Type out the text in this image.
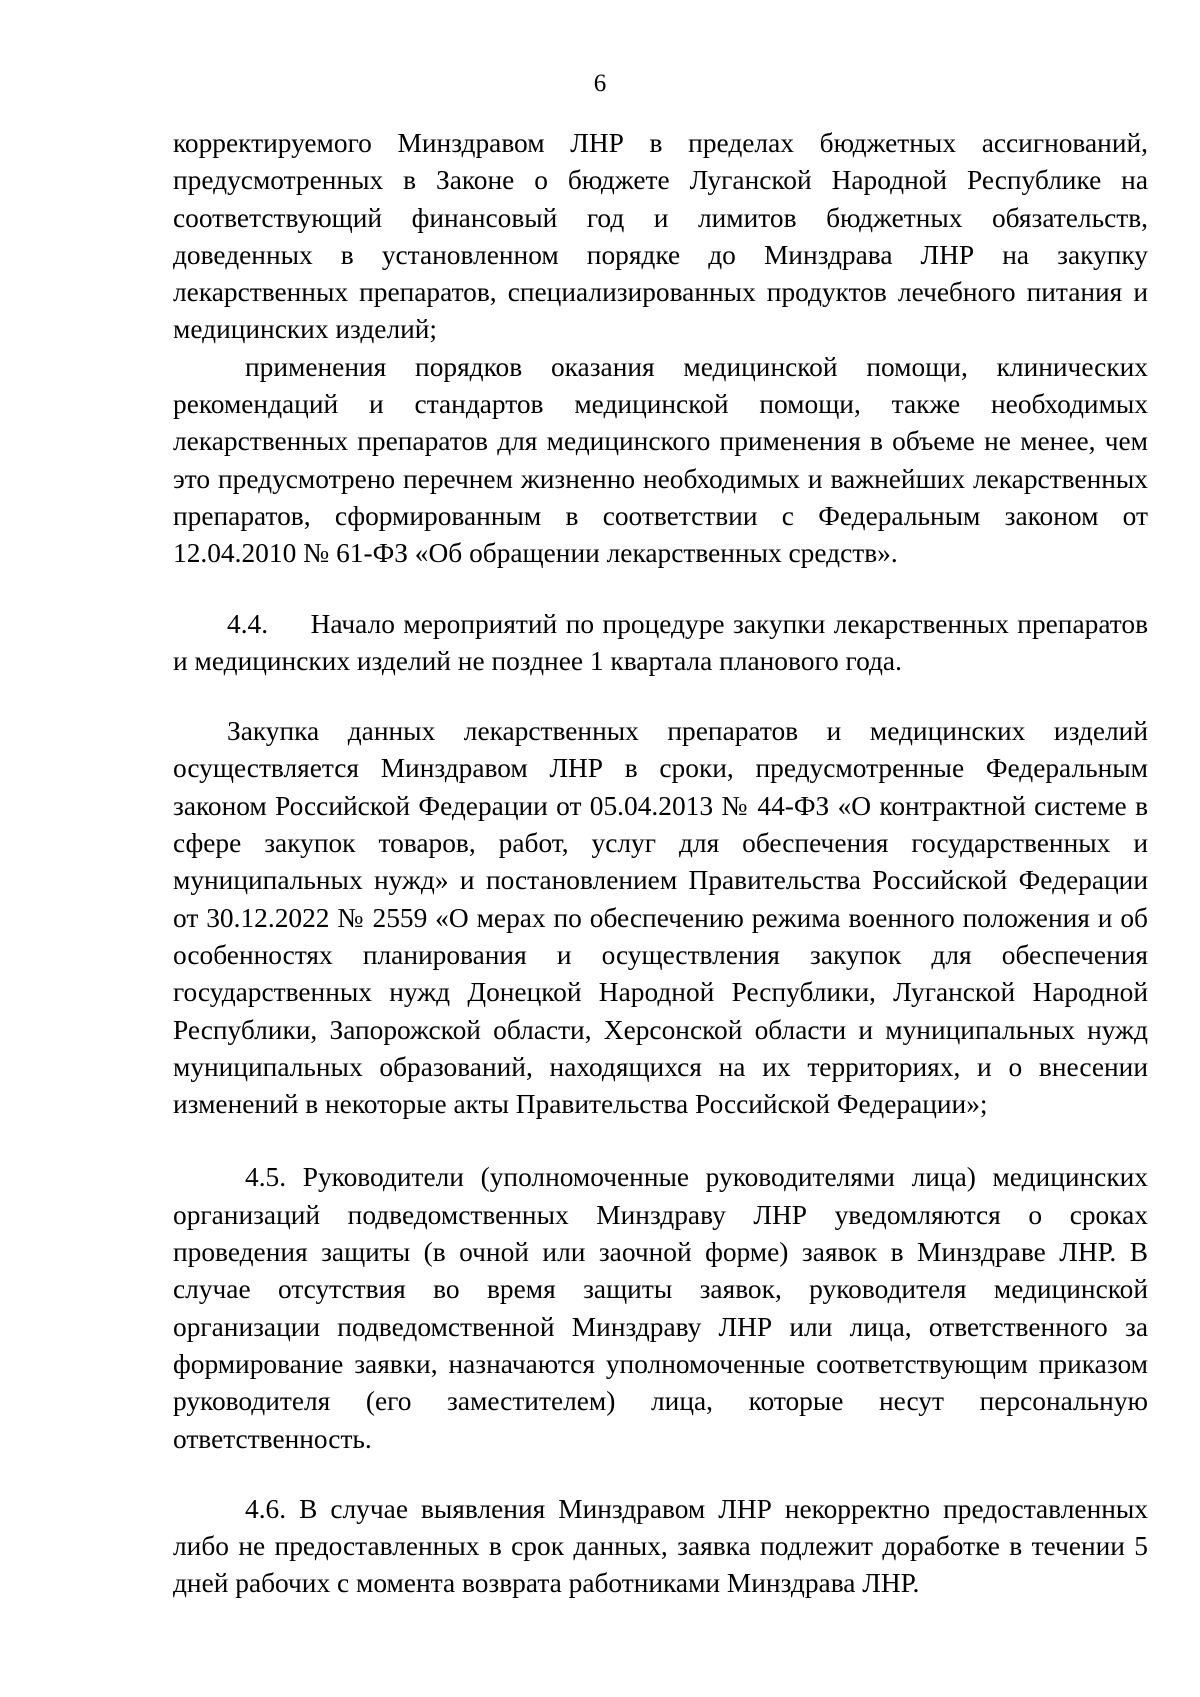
6

корректируемого Минздравом ЛНР в пределах бюджетных ассигнований, предусмотренных в Законе о бюджете Луганской Народной Республике на соответствующий финансовый год и лимитов бюджетных обязательств, доведенных в установленном порядке до Минздрава ЛНР на закупку лекарственных препаратов, специализированных продуктов лечебного питания и медицинских изделий;

применения порядков оказания медицинской помощи, клинических рекомендаций и стандартов медицинской помощи, также необходимых лекарственных препаратов для медицинского применения в объеме не менее, чем это предусмотрено перечнем жизненно необходимых и важнейших лекарственных препаратов, сформированным в соответствии с Федеральным законом от 12.04.2010 № 61-ФЗ «Об обращении лекарственных средств».

4.4.     Начало мероприятий по процедуре закупки лекарственных препаратов и медицинских изделий не позднее 1 квартала планового года.

Закупка данных лекарственных препаратов и медицинских изделий осуществляется Минздравом ЛНР в сроки, предусмотренные Федеральным законом Российской Федерации от 05.04.2013 № 44-ФЗ «О контрактной системе в сфере закупок товаров, работ, услуг для обеспечения государственных и муниципальных нужд» и постановлением Правительства Российской Федерации от 30.12.2022 № 2559 «О мерах по обеспечению режима военного положения и об особенностях планирования и осуществления закупок для обеспечения государственных нужд Донецкой Народной Республики, Луганской Народной Республики, Запорожской области, Херсонской области и муниципальных нужд муниципальных образований, находящихся на их территориях, и о внесении изменений в некоторые акты Правительства Российской Федерации»;

4.5. Руководители (уполномоченные руководителями лица) медицинских организаций подведомственных Минздраву ЛНР уведомляются о сроках проведения защиты (в очной или заочной форме) заявок в Минздраве ЛНР. В случае отсутствия во время защиты заявок, руководителя медицинской организации подведомственной Минздраву ЛНР или лица, ответственного за формирование заявки, назначаются уполномоченные соответствующим приказом руководителя (его заместителем) лица, которые несут персональную ответственность.

4.6. В случае выявления Минздравом ЛНР некорректно предоставленных либо не предоставленных в срок данных, заявка подлежит доработке в течении 5 дней рабочих с момента возврата работниками Минздрава ЛНР.
